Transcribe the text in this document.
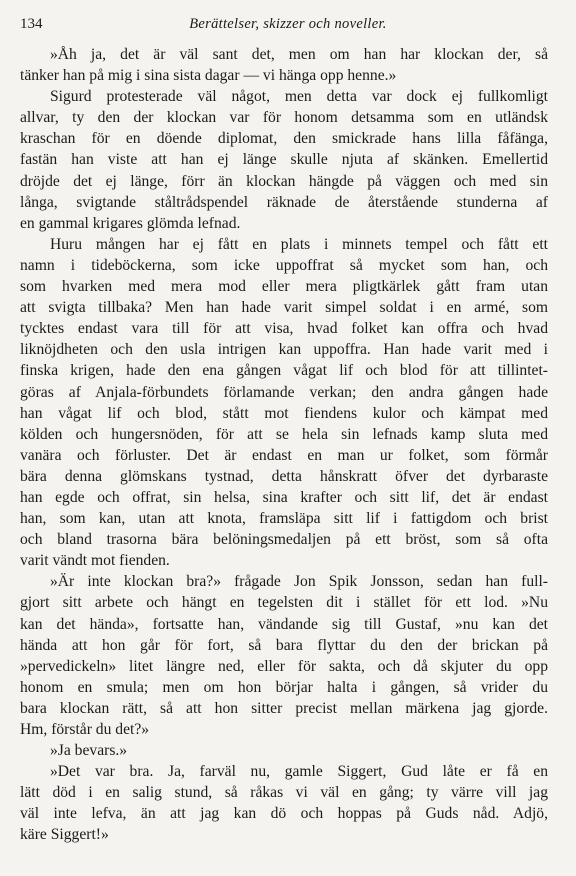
134	Berättelser, skizzer och noveller.

»Åh ja, det är väl sant det, men om han har klockan der, så
tänker han på mig i sina sista dagar — vi hänga opp henne.»

Sigurd protesterade väl något, men detta var dock ej fullkomligt
allvar, ty den der klockan var för honom detsamma som en utländsk
kraschan för en döende diplomat, den smickrade hans lilla fåfänga,
fastän han viste att han ej länge skulle njuta af skänken. Emellertid
dröjde det ej länge, förr än klockan hängde på väggen och med sin
långa, svigtande ståltrådspendel räknade de återstående stunderna af
en gammal krigares glömda lefnad.

Huru mången har ej fått en plats i minnets tempel och fått ett
namn i tideböckerna, som icke uppoffrat så mycket som han, och
som hvarken med mera mod eller mera pligtkärlek gått fram utan
att svigta tillbaka? Men han hade varit simpel soldat i en armé, som
tycktes endast vara till för att visa, hvad folket kan offra och hvad
liknöjdheten och den usla intrigen kan uppoffra. Han hade varit med i
finska krigen, hade den ena gången vågat lif och blod för att tillintet-
göras af Anjala-förbundets förlamande verkan; den andra gången hade
han vågat lif och blod, stått mot fiendens kulor och kämpat med
kölden och hungersnöden, för att se hela sin lefnads kamp sluta med
vanära och förluster. Det är endast en man ur folket, som förmår
bära denna glömskans tystnad, detta hånskratt öfver det dyrbaraste
han egde och offrat, sin helsa, sina krafter och sitt lif, det är endast
han, som kan, utan att knota, framsläpa sitt lif i fattigdom och brist
och bland trasorna bära belöningsmedaljen på ett bröst, som så ofta
varit vändt mot fienden.

»Är inte klockan bra?» frågade Jon Spik Jonsson, sedan han full-
gjort sitt arbete och hängt en tegelsten dit i stället för ett lod. »Nu
kan det hända», fortsatte han, vändande sig till Gustaf, »nu kan det
hända att hon går för fort, så bara flyttar du den der brickan på
»pervedickeln» litet längre ned, eller för sakta, och då skjuter du opp
honom en smula; men om hon börjar halta i gången, så vrider du
bara klockan rätt, så att hon sitter precist mellan märkena jag gjorde.
Hm, förstår du det?»

»Ja bevars.»

»Det var bra. Ja, farväl nu, gamle Siggert, Gud låte er få en
lätt död i en salig stund, så råkas vi väl en gång; ty värre vill jag
väl inte lefva, än att jag kan dö och hoppas på Guds nåd. Adjö,
käre Siggert!»
